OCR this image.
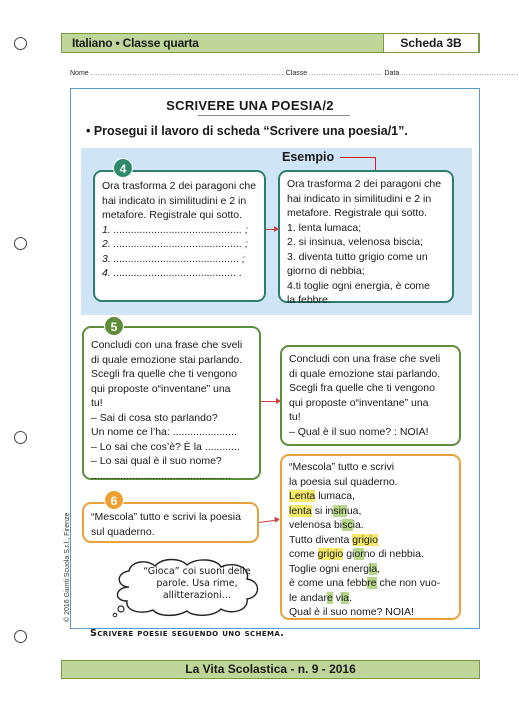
Italiano • Classe quarta	Scheda 3B
Nome ............................................................................... Classe .............................. Data ................................................
SCRIVERE UNA POESIA/2
• Prosegui il lavoro di scheda “Scrivere una poesia/1”.
Esempio
Ora trasforma 2 dei paragoni che
hai indicato in similitudini e 2 in
metafore. Registrale qui sotto.
1. ............................................ ;
2. ............................................ ;
3. ........................................... ;
4. .......................................... .
4
Ora trasforma 2 dei paragoni che
hai indicato in similitudini e 2 in
metafore. Registrale qui sotto.
1. lenta lumaca;
2. si insinua, velenosa biscia;
3. diventa tutto grigio come un
giorno di nebbia;
4.ti toglie ogni energia, è come
la febbre.
Concludi con una frase che sveli
di quale emozione stai parlando.
Scegli fra quelle che ti vengono
qui proposte o“inventane” una
tu!
– Sai di cosa sto parlando?
Un nome ce l’ha: ......................
– Lo sai che cos’è? È la ............
– Lo sai qual è il suo nome?
................................................
5
Concludi con una frase che sveli
di quale emozione stai parlando.
Scegli fra quelle che ti vengono
qui proposte o“inventane” una
tu!
– Qual è il suo nome? : NOIA!
“Mescola” tutto e scrivi la poesia
sul quaderno.
6
“Mescola” tutto e scrivi
la poesia sul quaderno.
Lenta lumaca,
lenta si insinua,
velenosa biscia.
Tutto diventa grigio
come grigio giorno di nebbia.
Toglie ogni energia,
è come una febbre che non vuo-
le andare via.
Qual è il suo nome? NOIA!
“Gioca” coi suoni delle parole. Usa rime, allitterazioni…
Scrivere poesie seguendo uno schema.
La Vita Scolastica - n. 9 - 2016
© 2016 Giunti Scuola S.r.l., Firenze
